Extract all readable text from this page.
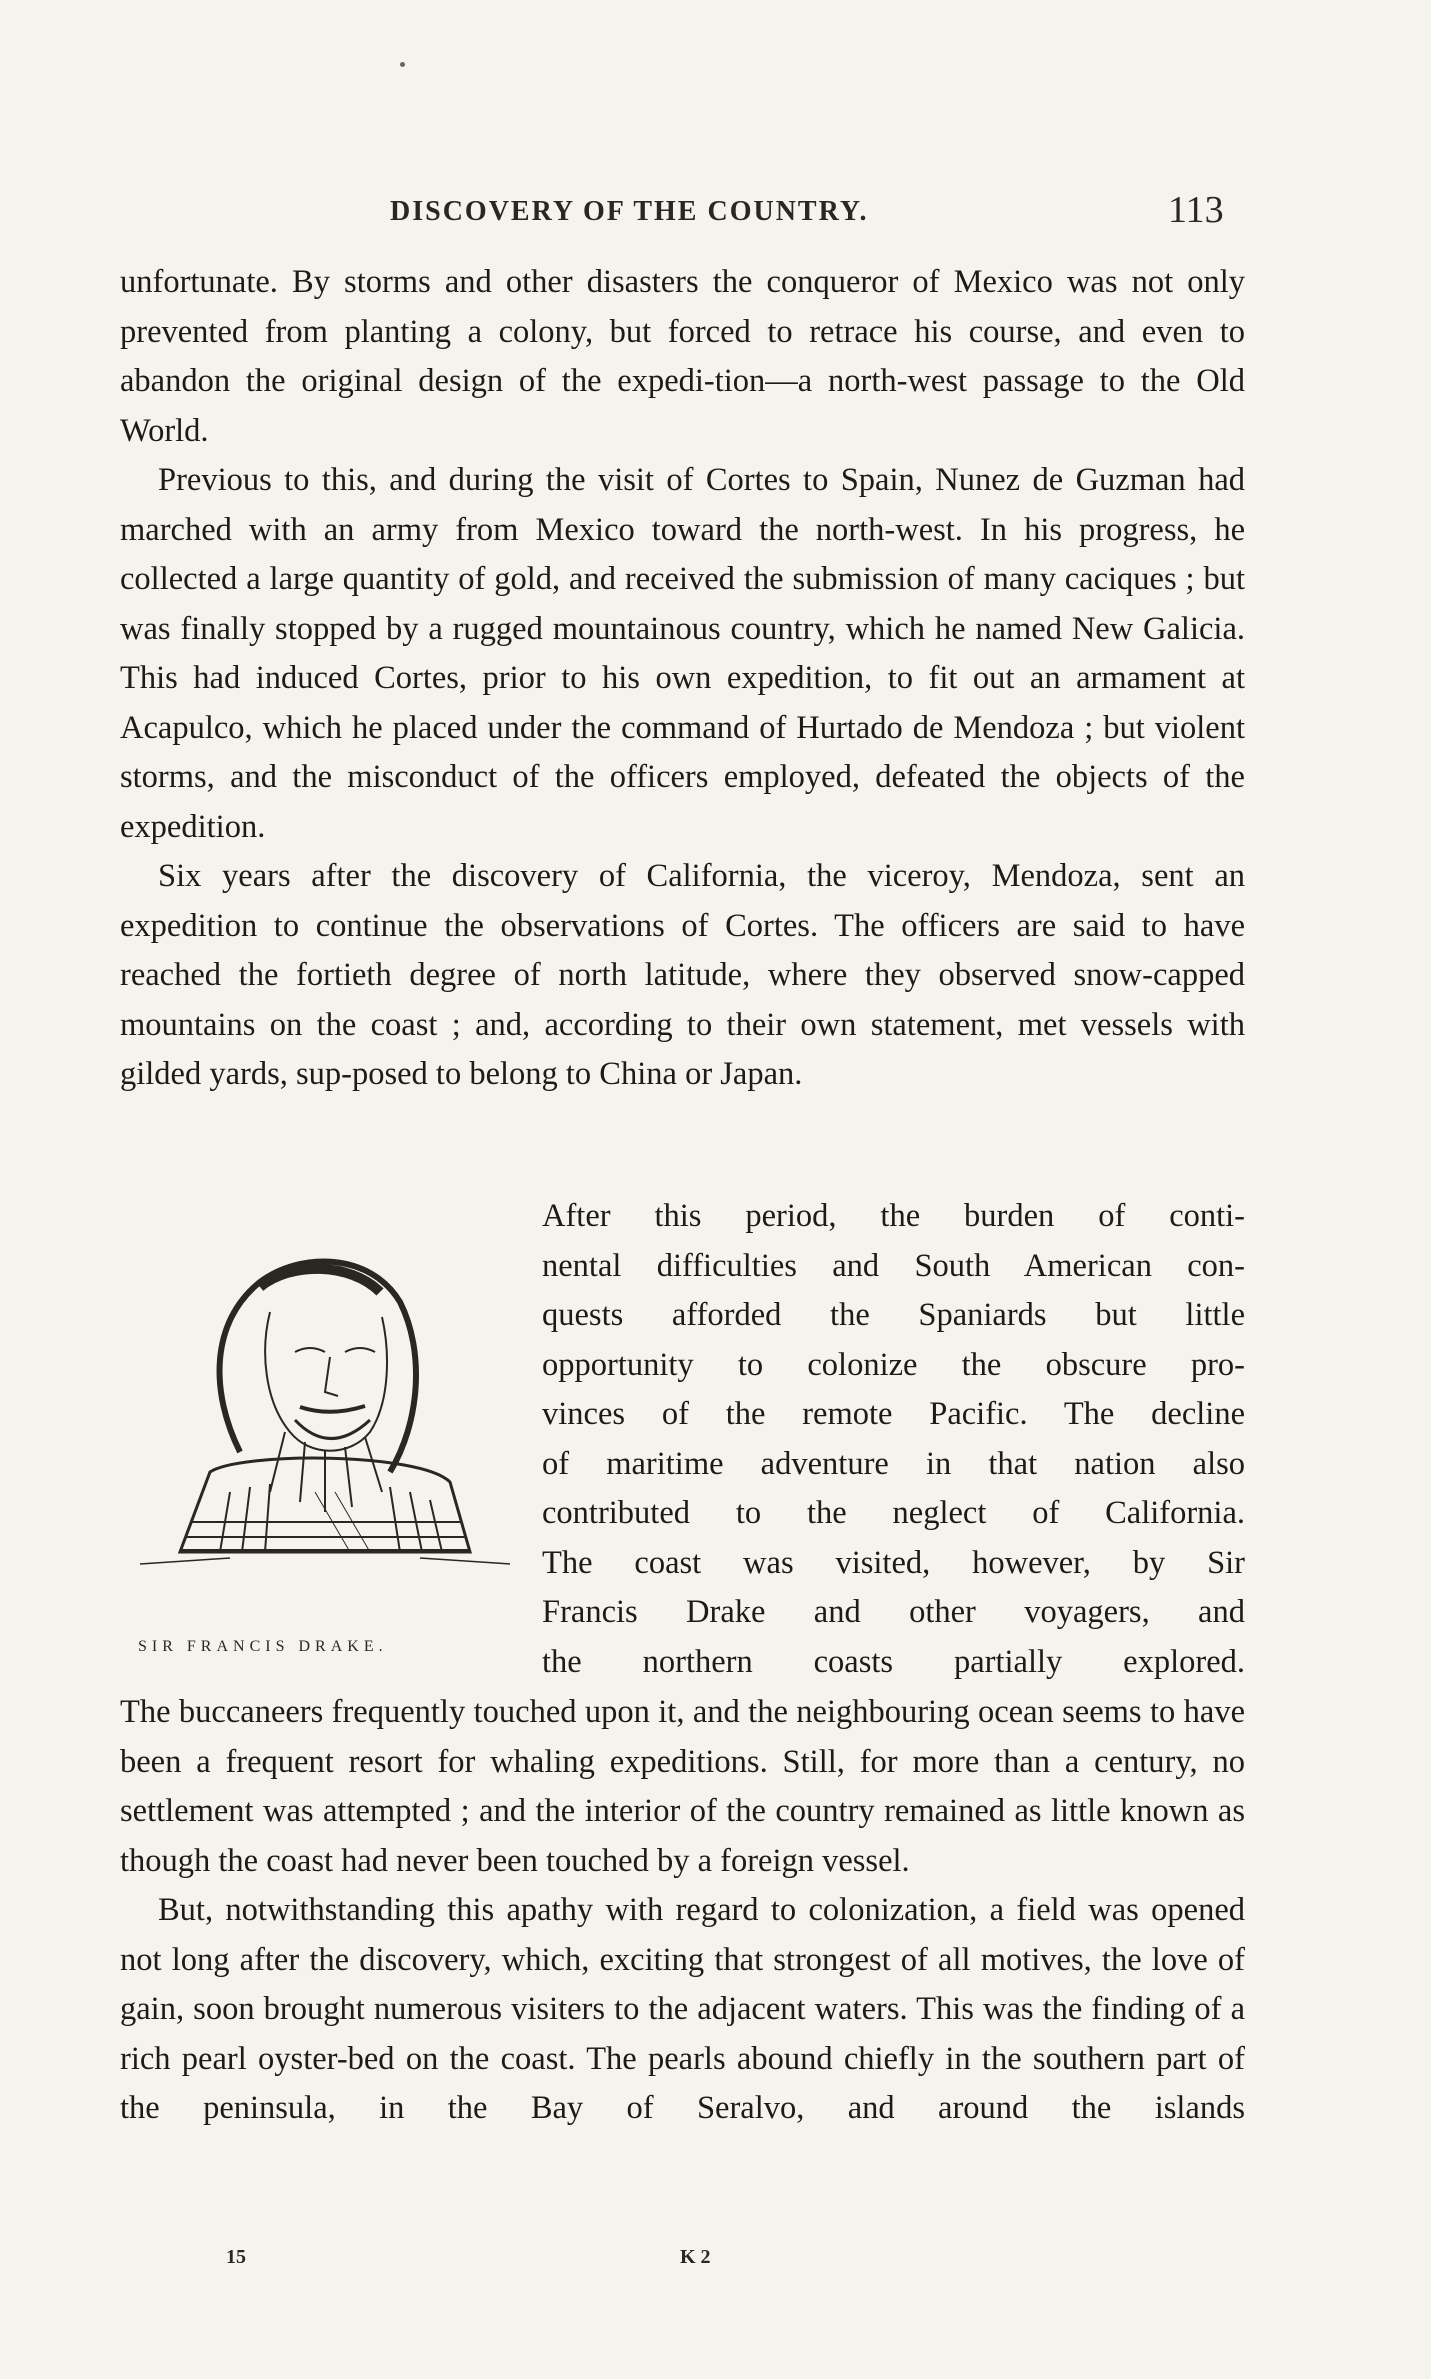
DISCOVERY OF THE COUNTRY.	113

unfortunate. By storms and other disasters the conqueror of Mexico was not only prevented from planting a colony, but forced to retrace his course, and even to abandon the original design of the expedi-tion—a north-west passage to the Old World.

Previous to this, and during the visit of Cortes to Spain, Nunez de Guzman had marched with an army from Mexico toward the north-west. In his progress, he collected a large quantity of gold, and received the submission of many caciques ; but was finally stopped by a rugged mountainous country, which he named New Galicia. This had induced Cortes, prior to his own expedition, to fit out an armament at Acapulco, which he placed under the command of Hurtado de Mendoza ; but violent storms, and the misconduct of the officers employed, defeated the objects of the expedition.

Six years after the discovery of California, the viceroy, Mendoza, sent an expedition to continue the observations of Cortes. The officers are said to have reached the fortieth degree of north latitude, where they observed snow-capped mountains on the coast ; and, according to their own statement, met vessels with gilded yards, sup-posed to belong to China or Japan.

After this period, the burden of conti-

nental difficulties and South American con-

quests afforded the Spaniards but little

opportunity to colonize the obscure pro-

vinces of the remote Pacific. The decline

of maritime adventure in that nation also

contributed to the neglect of California.

The coast was visited, however, by Sir

Francis Drake and other voyagers, and

the northern coasts partially explored.

SIR FRANCIS DRAKE.

The buccaneers frequently touched upon it, and the neighbouring ocean seems to have been a frequent resort for whaling expeditions. Still, for more than a century, no settlement was attempted ; and the interior of the country remained as little known as though the coast had never been touched by a foreign vessel.

But, notwithstanding this apathy with regard to colonization, a field was opened not long after the discovery, which, exciting that strongest of all motives, the love of gain, soon brought numerous visiters to the adjacent waters. This was the finding of a rich pearl oyster-bed on the coast. The pearls abound chiefly in the southern part of the peninsula, in the Bay of Seralvo, and around the islands

15	K 2
